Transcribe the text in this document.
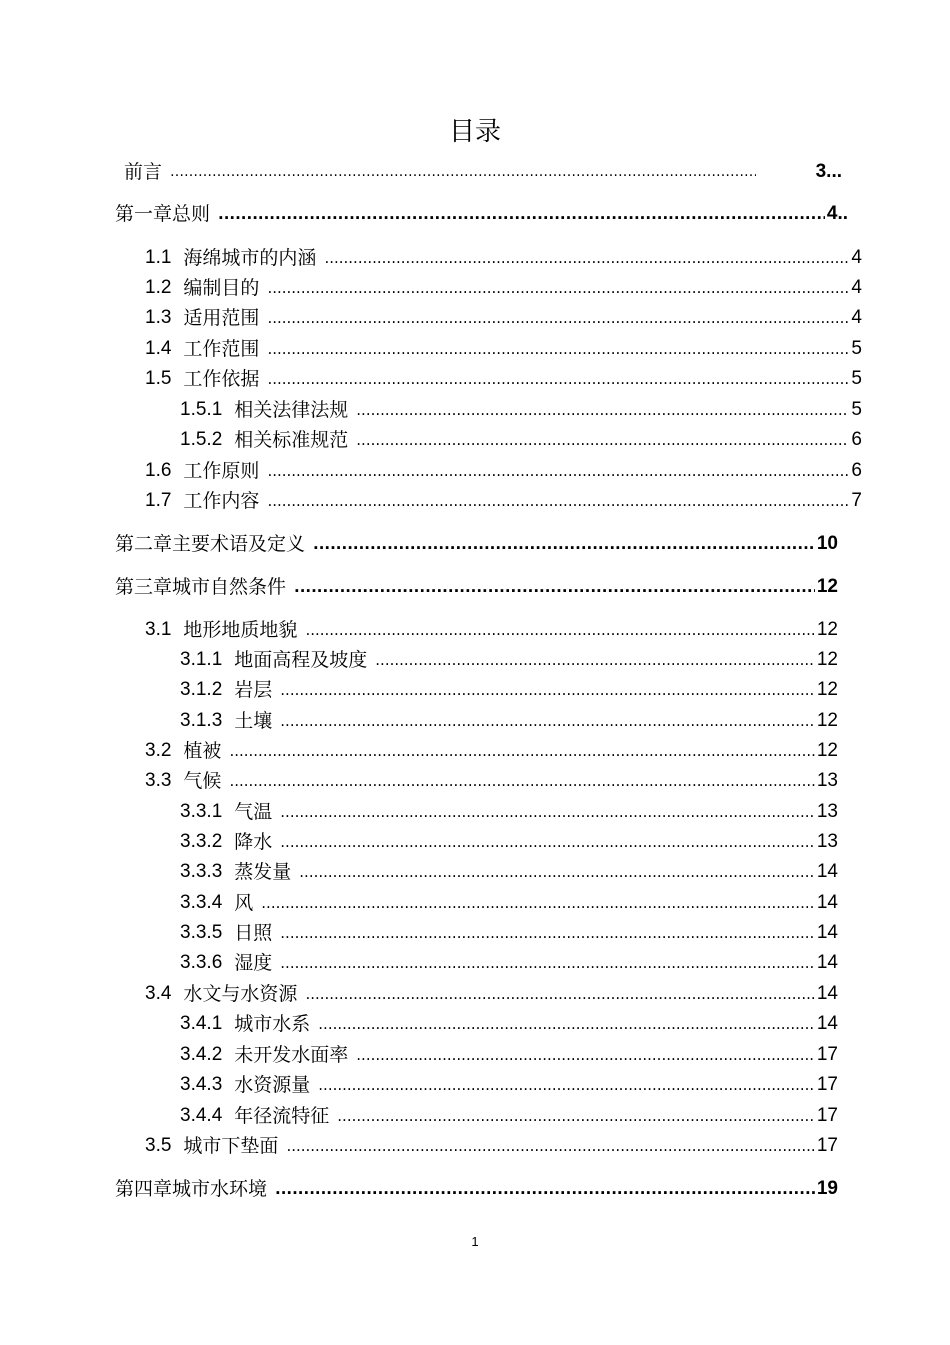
目录
前言 ……………………………………………………………………………………………………………………	3...
第一章总则 .....	4..
1.1 海绵城市的内涵 .....	4
1.2 编制目的 .....	4
1.3 适用范围 .....	4
1.4 工作范围 .....	5
1.5 工作依据 .....	5
1.5.1 相关法律法规 .....	5
1.5.2 相关标准规范 .....	6
1.6 工作原则 .....	6
1.7 工作内容 .....	7
第二章主要术语及定义 .....	10
第三章城市自然条件 .....	12
3.1 地形地质地貌 .....	12
3.1.1 地面高程及坡度 .....	12
3.1.2 岩层 .....	12
3.1.3 土壤 .....	12
3.2 植被 .....	12
3.3 气候 .....	13
3.3.1 气温 .....	13
3.3.2 降水 .....	13
3.3.3 蒸发量 .....	14
3.3.4 风 .....	14
3.3.5 日照 .....	14
3.3.6 湿度 .....	14
3.4 水文与水资源 .....	14
3.4.1 城市水系 .....	14
3.4.2 未开发水面率 .....	17
3.4.3 水资源量 .....	17
3.4.4 年径流特征 .....	17
3.5 城市下垫面 .....	17
第四章城市水环境 .....	19
1
